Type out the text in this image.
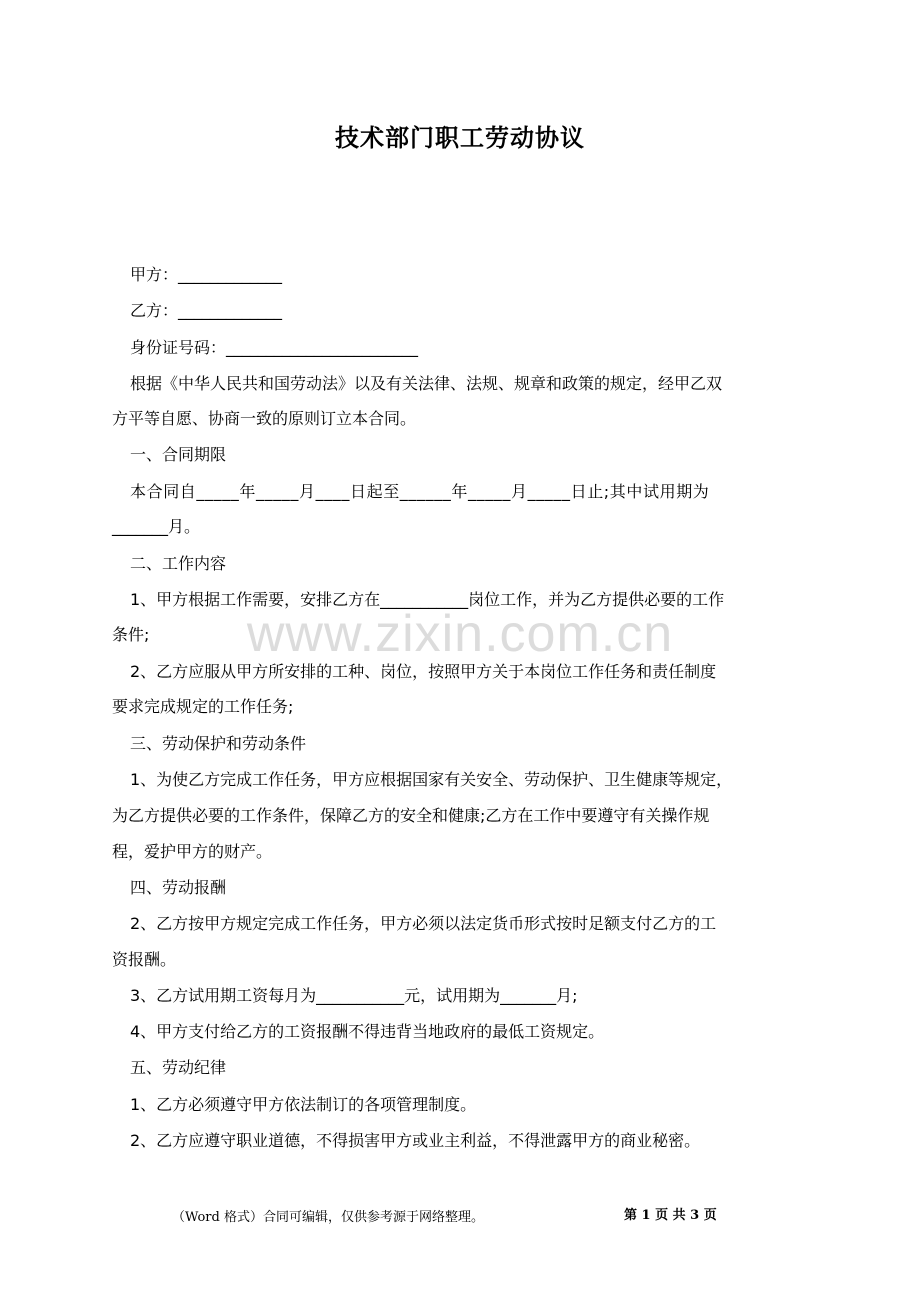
技术部门职工劳动协议
甲方：_____________
乙方：_____________
身份证号码：________________________
根据《中华人民共和国劳动法》以及有关法律、法规、规章和政策的规定，经甲乙双
方平等自愿、协商一致的原则订立本合同。
一、合同期限
本合同自_____年_____月____日起至______年_____月_____日止;其中试用期为
_______月。
二、工作内容
1、甲方根据工作需要，安排乙方在___________岗位工作，并为乙方提供必要的工作
条件;
2、乙方应服从甲方所安排的工种、岗位，按照甲方关于本岗位工作任务和责任制度
要求完成规定的工作任务;
三、劳动保护和劳动条件
1、为使乙方完成工作任务，甲方应根据国家有关安全、劳动保护、卫生健康等规定，
为乙方提供必要的工作条件，保障乙方的安全和健康;乙方在工作中要遵守有关操作规
程，爱护甲方的财产。
四、劳动报酬
2、乙方按甲方规定完成工作任务，甲方必须以法定货币形式按时足额支付乙方的工
资报酬。
3、乙方试用期工资每月为___________元，试用期为_______月;
4、甲方支付给乙方的工资报酬不得违背当地政府的最低工资规定。
五、劳动纪律
1、乙方必须遵守甲方依法制订的各项管理制度。
2、乙方应遵守职业道德，不得损害甲方或业主利益，不得泄露甲方的商业秘密。
www.zixin.com.cn
（Word 格式）合同可编辑，仅供参考源于网络整理。	第 1 页 共 3 页
